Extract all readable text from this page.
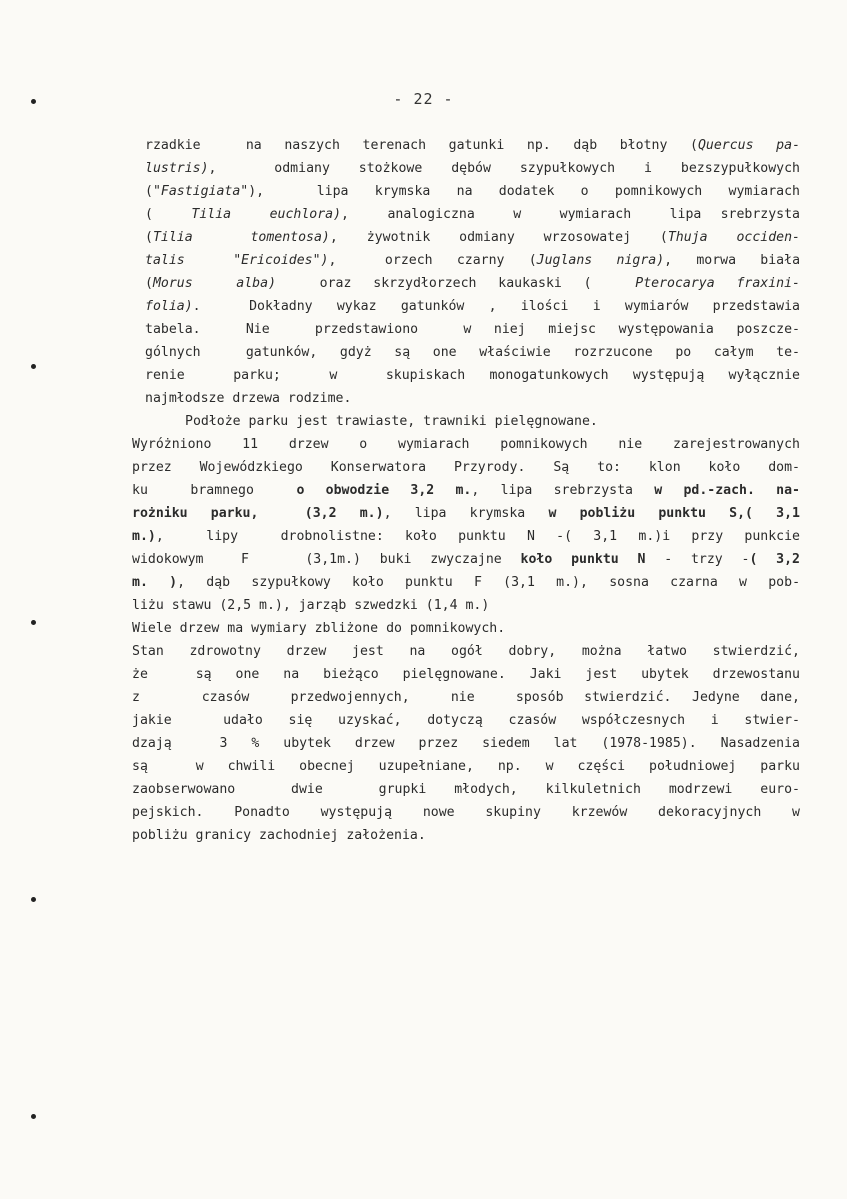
- 22 -
rzadkie  na naszych terenach gatunki np. dąb błotny (Quercus pa-
lustris),  odmiany stożkowe dębów szypułkowych i bezszypułkowych
("Fastigiata"),  lipa krymska na dodatek o pomnikowych wymiarach
(  Tilia  euchlora),  analogiczna  w  wymiarach  lipa srebrzysta
(Tilia  tomentosa), żywotnik odmiany wrzosowatej (Thuja occiden-
talis  "Ericoides"),  orzech czarny (Juglans nigra), morwa biała
(Morus  alba)  oraz skrzydłorzech kaukaski (  Pterocarya fraxini-
folia).  Dokładny wykaz gatunków , ilości i wymiarów przedstawia
tabela.  Nie  przedstawiono  w niej miejsc występowania poszcze-
gólnych  gatunków, gdyż są one właściwie rozrzucone po całym te-
renie  parku;  w  skupiskach monogatunkowych występują wyłącznie
najmłodsze drzewa rodzime.
Podłoże parku jest trawiaste, trawniki pielęgnowane.
Wyróżniono 11 drzew o wymiarach pomnikowych nie zarejestrowanych
przez Wojewódzkiego Konserwatora Przyrody. Są to: klon koło dom-
ku  bramnego  o obwodzie 3,2 m., lipa srebrzysta w pd.-zach. na-
rożniku parku,	(3,2 m.), lipa krymska w pobliżu punktu S,( 3,1
m.),  lipy  drobnolistne: koło punktu N -( 3,1 m.)i przy punkcie
widokowym  F   (3,1m.) buki zwyczajne koło punktu N - trzy -( 3,2
m. ), dąb szypułkowy koło punktu F (3,1 m.), sosna czarna w pob-
liżu stawu (2,5 m.), jarząb szwedzki (1,4 m.)
Wiele drzew ma wymiary zbliżone do pomnikowych.
Stan zdrowotny drzew jest na ogół dobry, można łatwo stwierdzić,
że  są one na bieżąco pielęgnowane. Jaki jest ubytek drzewostanu
z   czasów  przedwojennych,  nie  sposób stwierdzić. Jedyne dane,
jakie  udało się uzyskać, dotyczą czasów współczesnych i stwier-
dzają  3 % ubytek drzew przez siedem lat (1978-1985). Nasadzenia
są  w chwili obecnej uzupełniane, np. w części południowej parku
zaobserwowano  dwie  grupki młodych, kilkuletnich modrzewi euro-
pejskich. Ponadto występują nowe skupiny krzewów dekoracyjnych w
pobliżu granicy zachodniej założenia.
